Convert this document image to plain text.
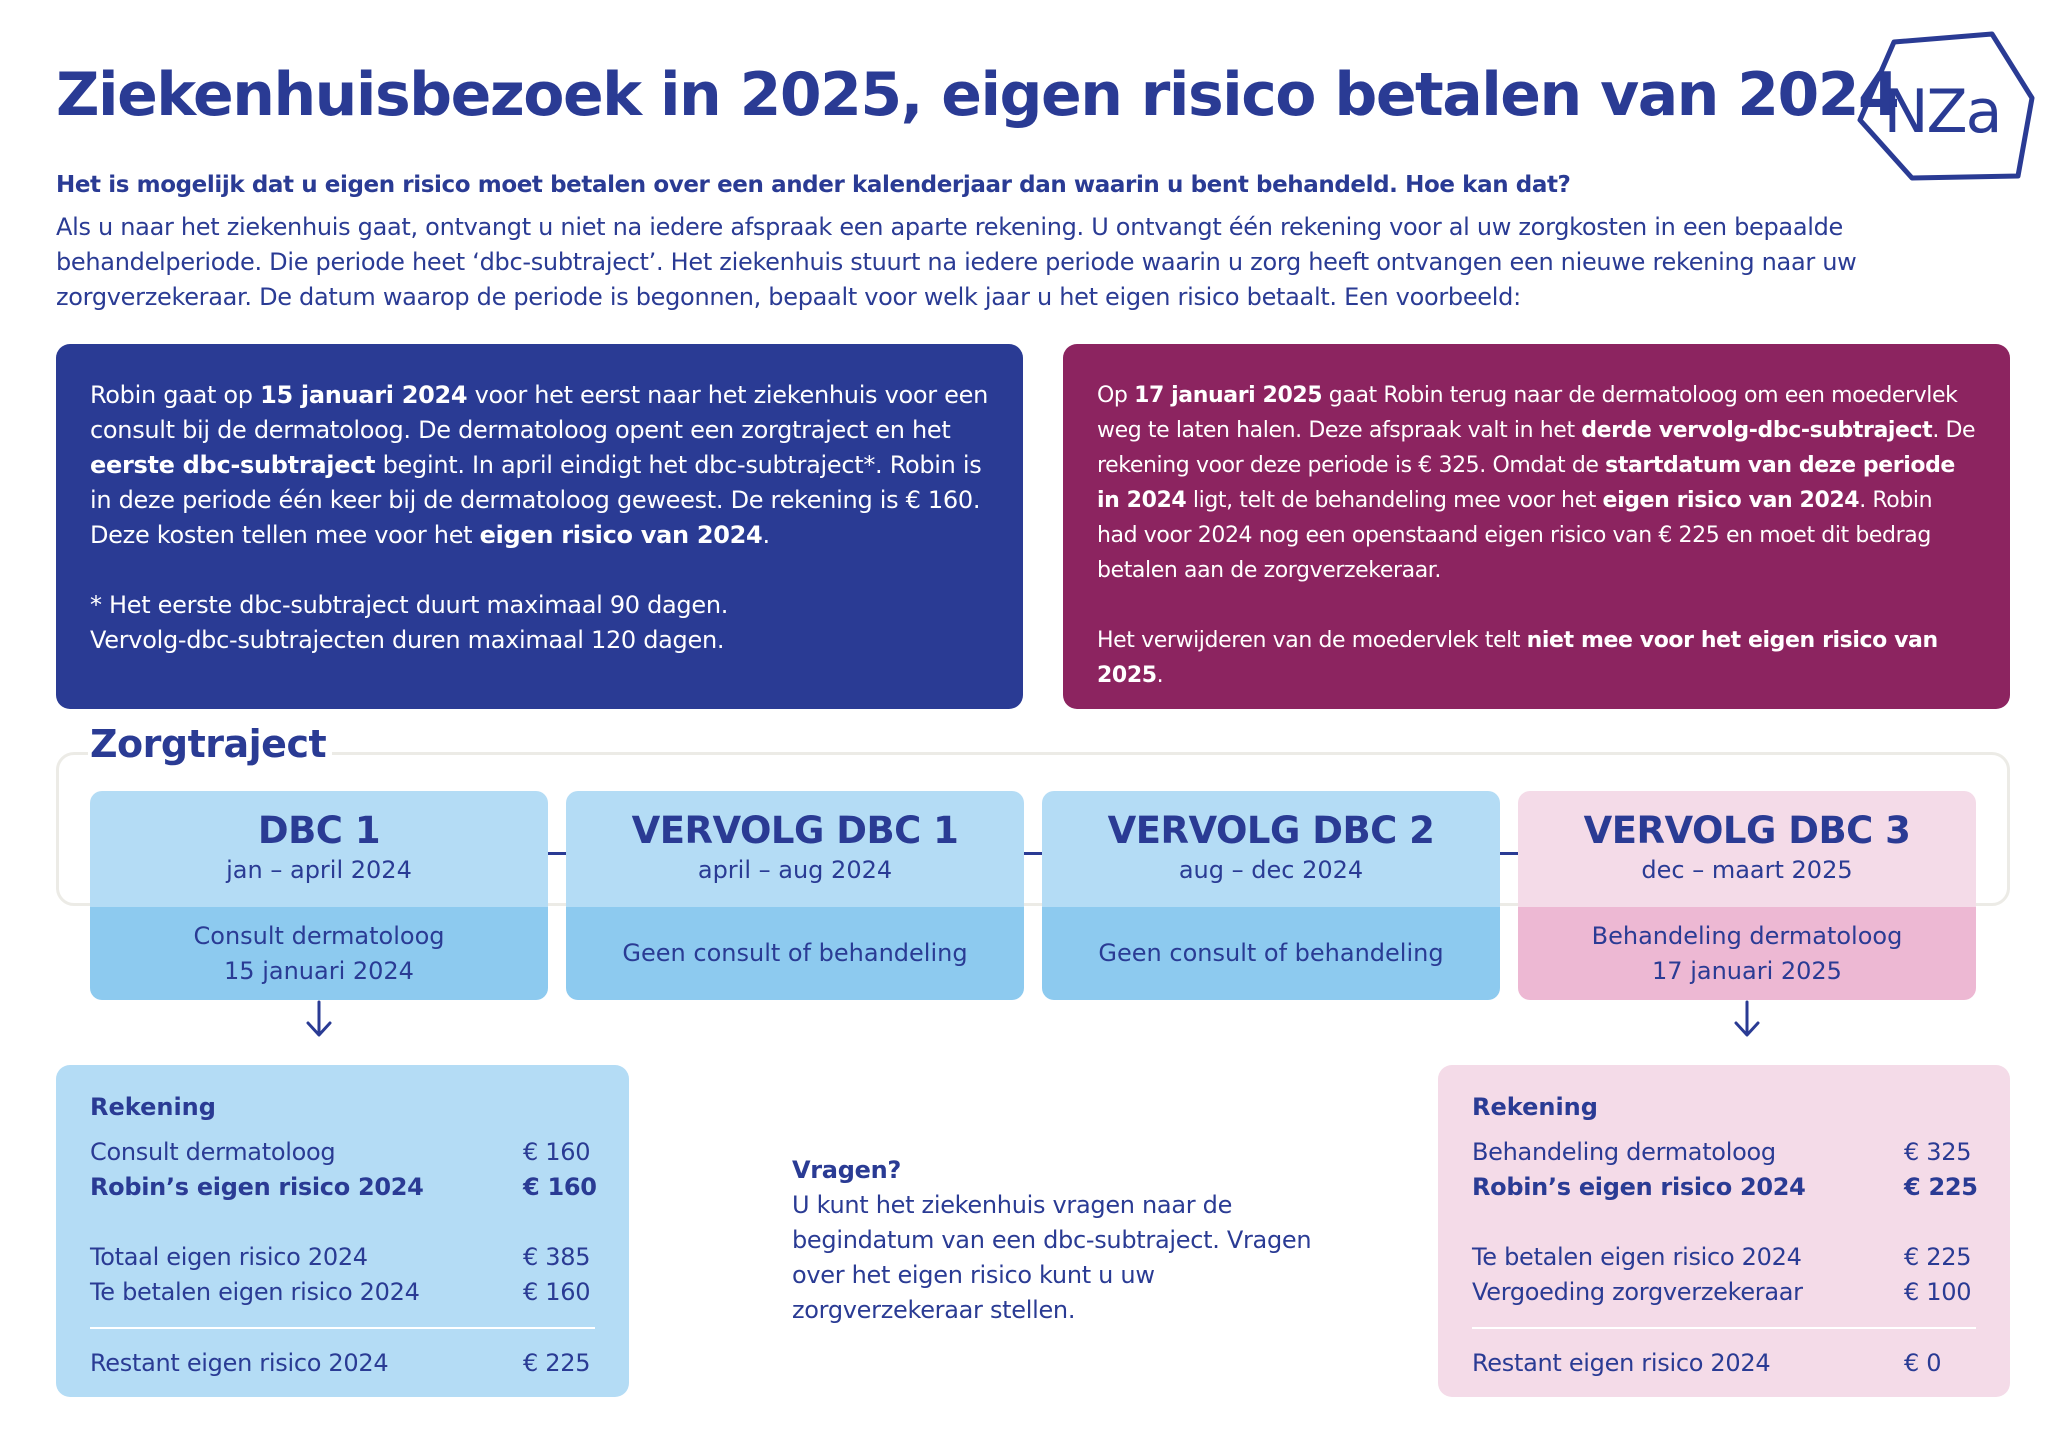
Ziekenhuisbezoek in 2025, eigen risico betalen van 2024
NZa

Het is mogelijk dat u eigen risico moet betalen over een ander kalenderjaar dan waarin u bent behandeld. Hoe kan dat?

Als u naar het ziekenhuis gaat, ontvangt u niet na iedere afspraak een aparte rekening. U ontvangt één rekening voor al uw zorgkosten in een bepaalde behandelperiode. Die periode heet ‘dbc-subtraject’. Het ziekenhuis stuurt na iedere periode waarin u zorg heeft ontvangen een nieuwe rekening naar uw zorgverzekeraar. De datum waarop de periode is begonnen, bepaalt voor welk jaar u het eigen risico betaalt. Een voorbeeld:

Robin gaat op 15 januari 2024 voor het eerst naar het ziekenhuis voor een consult bij de dermatoloog. De dermatoloog opent een zorgtraject en het eerste dbc-subtraject begint. In april eindigt het dbc-subtraject*. Robin is in deze periode één keer bij de dermatoloog geweest. De rekening is € 160. Deze kosten tellen mee voor het eigen risico van 2024.

* Het eerste dbc-subtraject duurt maximaal 90 dagen.
Vervolg-dbc-subtrajecten duren maximaal 120 dagen.

Op 17 januari 2025 gaat Robin terug naar de dermatoloog om een moedervlek weg te laten halen. Deze afspraak valt in het derde vervolg-dbc-subtraject. De rekening voor deze periode is € 325. Omdat de startdatum van deze periode in 2024 ligt, telt de behandeling mee voor het eigen risico van 2024. Robin had voor 2024 nog een openstaand eigen risico van € 225 en moet dit bedrag betalen aan de zorgverzekeraar.

Het verwijderen van de moedervlek telt niet mee voor het eigen risico van 2025.

Zorgtraject
DBC 1
jan – april 2024
Consult dermatoloog
15 januari 2024
VERVOLG DBC 1
april – aug 2024
Geen consult of behandeling
VERVOLG DBC 2
aug – dec 2024
Geen consult of behandeling
VERVOLG DBC 3
dec – maart 2025
Behandeling dermatoloog
17 januari 2025
Rekening
Consult dermatoloog	€ 160
Robin’s eigen risico 2024	€ 160
Totaal eigen risico 2024	€ 385
Te betalen eigen risico 2024	€ 160
Restant eigen risico 2024	€ 225
Vragen?
U kunt het ziekenhuis vragen naar de begindatum van een dbc-subtraject. Vragen over het eigen risico kunt u uw zorgverzekeraar stellen.
Rekening
Behandeling dermatoloog	€ 325
Robin’s eigen risico 2024	€ 225
Te betalen eigen risico 2024	€ 225
Vergoeding zorgverzekeraar	€ 100
Restant eigen risico 2024	€ 0
